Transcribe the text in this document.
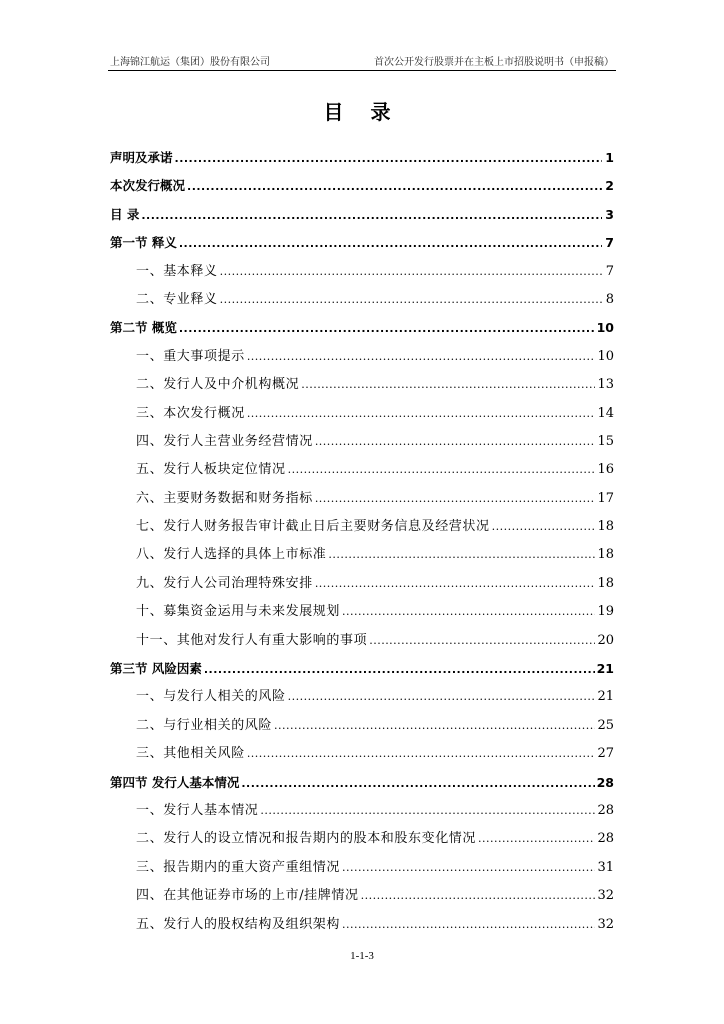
上海锦江航运（集团）股份有限公司	首次公开发行股票并在主板上市招股说明书（申报稿）
目 录
声明及承诺 .....	1
本次发行概况 .....	2
目 录 .....	3
第一节 释义 .....	7
一、基本释义 .....	7
二、专业释义 .....	8
第二节 概览 .....	10
一、重大事项提示 .....	10
二、发行人及中介机构概况 .....	13
三、本次发行概况 .....	14
四、发行人主营业务经营情况 .....	15
五、发行人板块定位情况 .....	16
六、主要财务数据和财务指标 .....	17
七、发行人财务报告审计截止日后主要财务信息及经营状况 .....	18
八、发行人选择的具体上市标准 .....	18
九、发行人公司治理特殊安排 .....	18
十、募集资金运用与未来发展规划 .....	19
十一、其他对发行人有重大影响的事项 .....	20
第三节 风险因素 .....	21
一、与发行人相关的风险 .....	21
二、与行业相关的风险 .....	25
三、其他相关风险 .....	27
第四节 发行人基本情况 .....	28
一、发行人基本情况 .....	28
二、发行人的设立情况和报告期内的股本和股东变化情况 .....	28
三、报告期内的重大资产重组情况 .....	31
四、在其他证券市场的上市/挂牌情况 .....	32
五、发行人的股权结构及组织架构 .....	32
1-1-3
